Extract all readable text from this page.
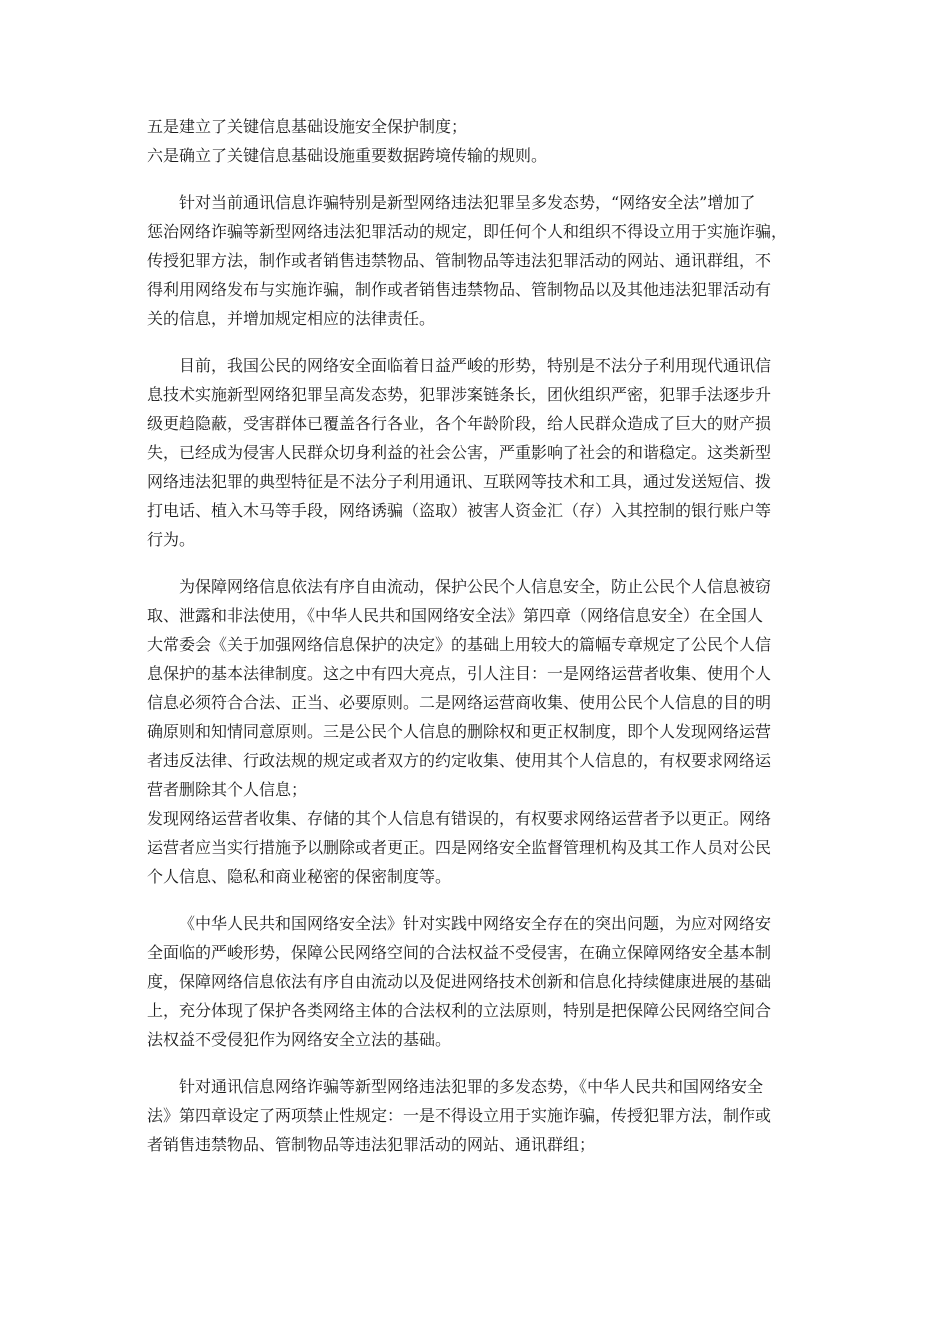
五是建立了关键信息基础设施安全保护制度；
六是确立了关键信息基础设施重要数据跨境传输的规则。
针对当前通讯信息诈骗特别是新型网络违法犯罪呈多发态势，“网络安全法”增加了
惩治网络诈骗等新型网络违法犯罪活动的规定，即任何个人和组织不得设立用于实施诈骗，
传授犯罪方法，制作或者销售违禁物品、管制物品等违法犯罪活动的网站、通讯群组，不
得利用网络发布与实施诈骗，制作或者销售违禁物品、管制物品以及其他违法犯罪活动有
关的信息，并增加规定相应的法律责任。
目前，我国公民的网络安全面临着日益严峻的形势，特别是不法分子利用现代通讯信
息技术实施新型网络犯罪呈高发态势，犯罪涉案链条长，团伙组织严密，犯罪手法逐步升
级更趋隐蔽，受害群体已覆盖各行各业，各个年龄阶段，给人民群众造成了巨大的财产损
失，已经成为侵害人民群众切身利益的社会公害，严重影响了社会的和谐稳定。这类新型
网络违法犯罪的典型特征是不法分子利用通讯、互联网等技术和工具，通过发送短信、拨
打电话、植入木马等手段，网络诱骗（盗取）被害人资金汇（存）入其控制的银行账户等
行为。
为保障网络信息依法有序自由流动，保护公民个人信息安全，防止公民个人信息被窃
取、泄露和非法使用，《中华人民共和国网络安全法》第四章（网络信息安全）在全国人
大常委会《关于加强网络信息保护的决定》的基础上用较大的篇幅专章规定了公民个人信
息保护的基本法律制度。这之中有四大亮点，引人注目：一是网络运营者收集、使用个人
信息必须符合合法、正当、必要原则。二是网络运营商收集、使用公民个人信息的目的明
确原则和知情同意原则。三是公民个人信息的删除权和更正权制度，即个人发现网络运营
者违反法律、行政法规的规定或者双方的约定收集、使用其个人信息的，有权要求网络运
营者删除其个人信息；
发现网络运营者收集、存储的其个人信息有错误的，有权要求网络运营者予以更正。网络
运营者应当实行措施予以删除或者更正。四是网络安全监督管理机构及其工作人员对公民
个人信息、隐私和商业秘密的保密制度等。
《中华人民共和国网络安全法》针对实践中网络安全存在的突出问题，为应对网络安
全面临的严峻形势，保障公民网络空间的合法权益不受侵害，在确立保障网络安全基本制
度，保障网络信息依法有序自由流动以及促进网络技术创新和信息化持续健康进展的基础
上，充分体现了保护各类网络主体的合法权利的立法原则，特别是把保障公民网络空间合
法权益不受侵犯作为网络安全立法的基础。
针对通讯信息网络诈骗等新型网络违法犯罪的多发态势，《中华人民共和国网络安全
法》第四章设定了两项禁止性规定：一是不得设立用于实施诈骗，传授犯罪方法，制作或
者销售违禁物品、管制物品等违法犯罪活动的网站、通讯群组；
